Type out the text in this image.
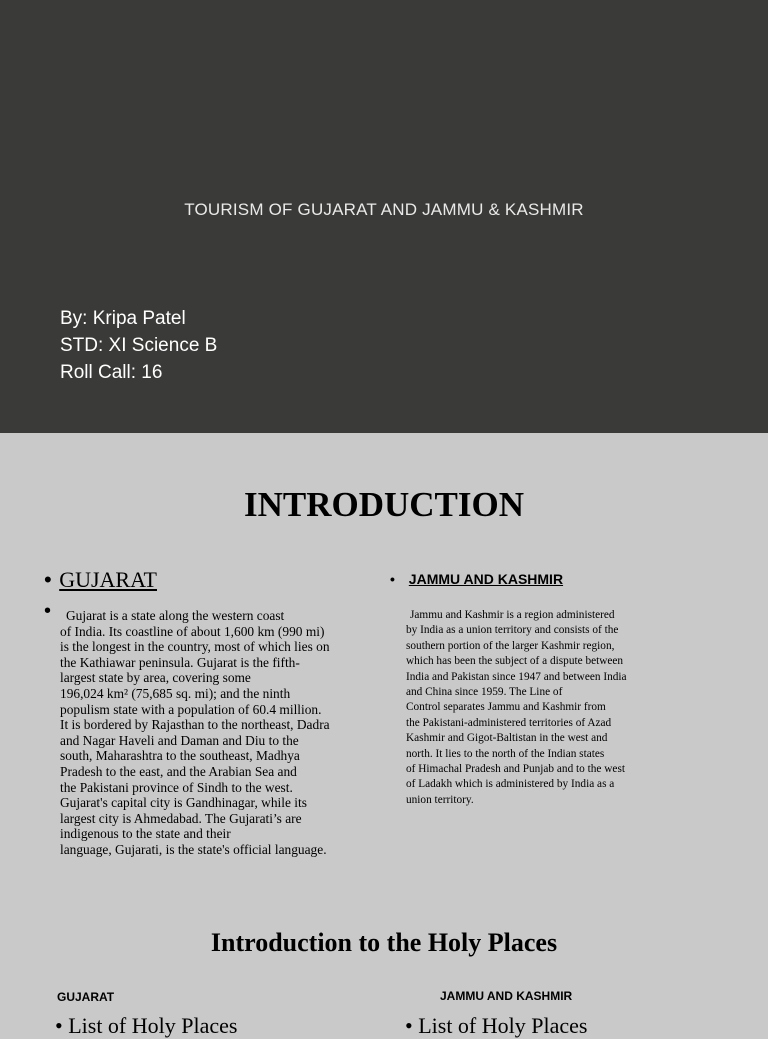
TOURISM OF GUJARAT AND JAMMU & KASHMIR
By: Kripa Patel
STD: XI Science B
Roll Call: 16
INTRODUCTION
• GUJARAT
•	Gujarat is a state along the western coast
of India. Its coastline of about 1,600 km (990 mi)
is the longest in the country, most of which lies on
the Kathiawar peninsula. Gujarat is the fifth-
largest state by area, covering some
196,024 km² (75,685 sq. mi); and the ninth
populism state with a population of 60.4 million.
It is bordered by Rajasthan to the northeast, Dadra
and Nagar Haveli and Daman and Diu to the
south, Maharashtra to the southeast, Madhya
Pradesh to the east, and the Arabian Sea and
the Pakistani province of Sindh to the west.
Gujarat's capital city is Gandhinagar, while its
largest city is Ahmedabad. The Gujarati’s are
indigenous to the state and their
language, Gujarati, is the state's official language.
• JAMMU AND KASHMIR
Jammu and Kashmir is a region administered
by India as a union territory and consists of the
southern portion of the larger Kashmir region,
which has been the subject of a dispute between
India and Pakistan since 1947 and between India
and China since 1959. The Line of
Control separates Jammu and Kashmir from
the Pakistani-administered territories of Azad
Kashmir and Gigot-Baltistan in the west and
north. It lies to the north of the Indian states
of Himachal Pradesh and Punjab and to the west
of Ladakh which is administered by India as a
union territory.
Introduction to the Holy Places
GUJARAT	JAMMU AND KASHMIR
• List of Holy Places	• List of Holy Places
